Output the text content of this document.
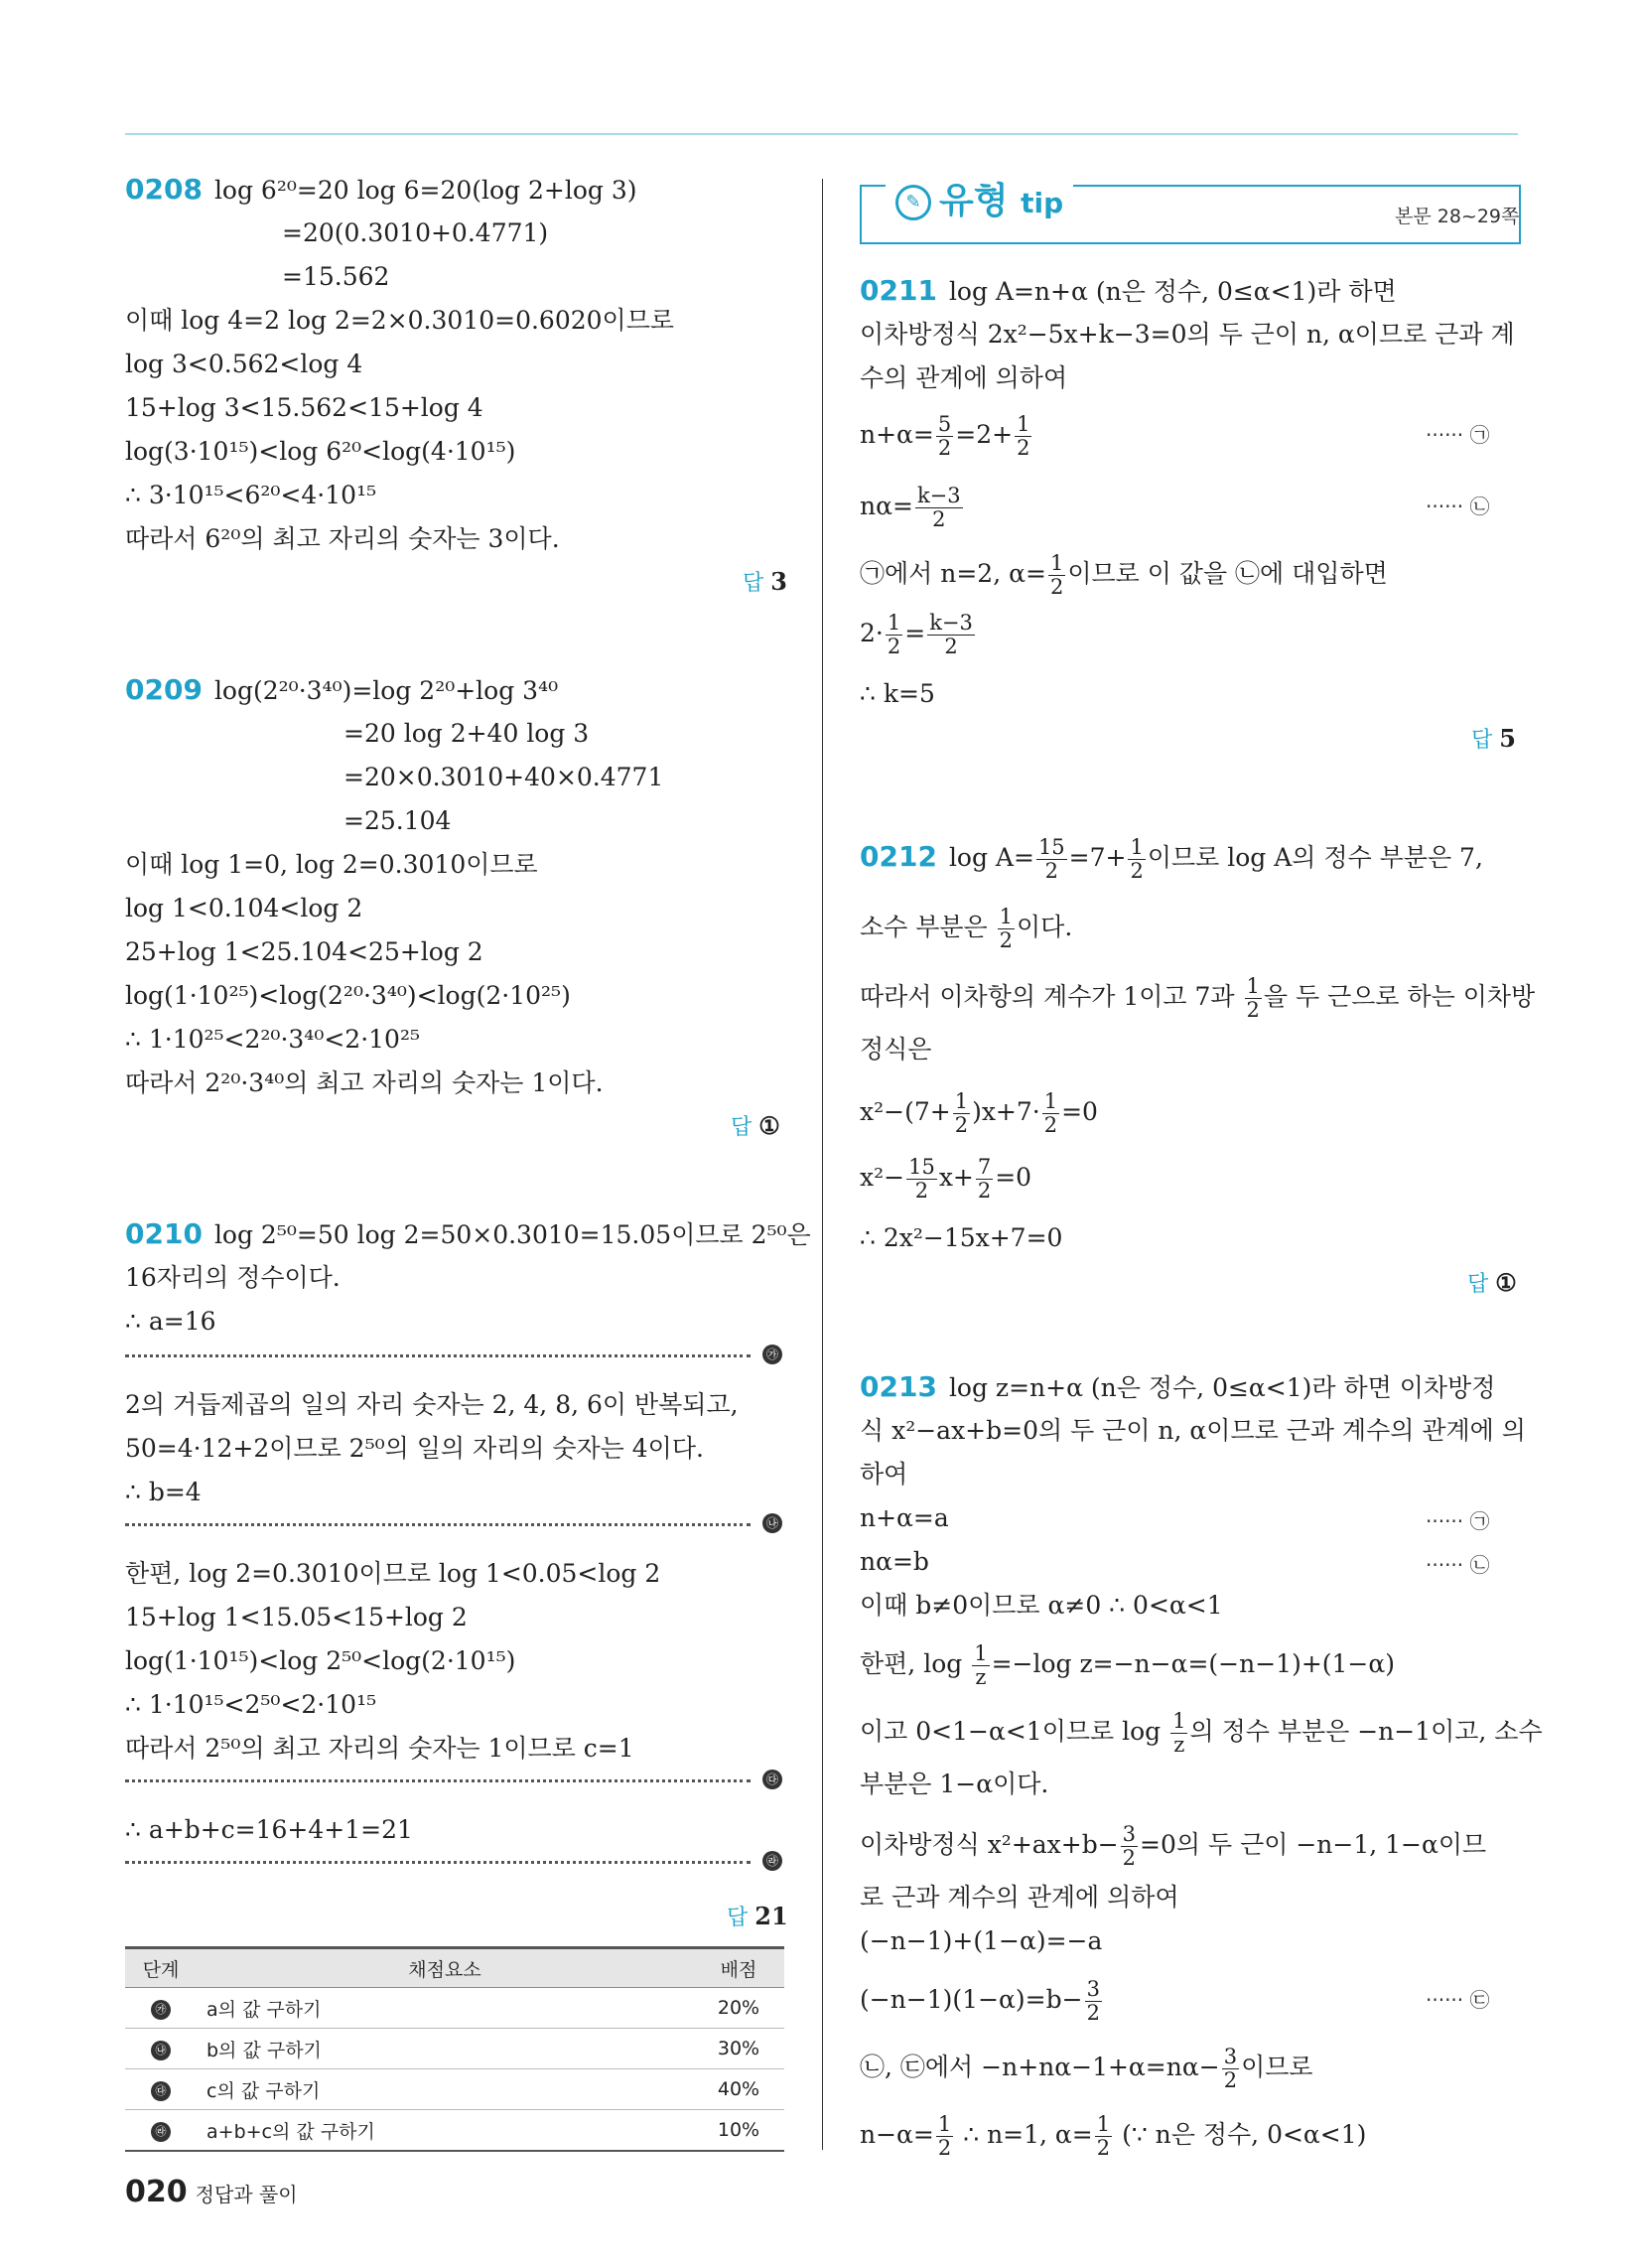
0208 log 6²⁰=20 log 6=20(log 2+log 3)
=20(0.3010+0.4771)
=15.562
이때 log 4=2 log 2=2×0.3010=0.6020이므로
log 3<0.562<log 4
15+log 3<15.562<15+log 4
log(3·10¹⁵)<log 6²⁰<log(4·10¹⁵)
∴ 3·10¹⁵<6²⁰<4·10¹⁵
따라서 6²⁰의 최고 자리의 숫자는 3이다.
답 3
0209 log(2²⁰·3⁴⁰)=log 2²⁰+log 3⁴⁰
=20 log 2+40 log 3
=20×0.3010+40×0.4771
=25.104
이때 log 1=0, log 2=0.3010이므로
log 1<0.104<log 2
25+log 1<25.104<25+log 2
log(1·10²⁵)<log(2²⁰·3⁴⁰)<log(2·10²⁵)
∴ 1·10²⁵<2²⁰·3⁴⁰<2·10²⁵
따라서 2²⁰·3⁴⁰의 최고 자리의 숫자는 1이다.
답 ①
0210 log 2⁵⁰=50 log 2=50×0.3010=15.05이므로 2⁵⁰은
16자리의 정수이다.
∴ a=16
㉮
2의 거듭제곱의 일의 자리 숫자는 2, 4, 8, 6이 반복되고,
50=4·12+2이므로 2⁵⁰의 일의 자리의 숫자는 4이다.
∴ b=4
㉯
한편, log 2=0.3010이므로 log 1<0.05<log 2
15+log 1<15.05<15+log 2
log(1·10¹⁵)<log 2⁵⁰<log(2·10¹⁵)
∴ 1·10¹⁵<2⁵⁰<2·10¹⁵
따라서 2⁵⁰의 최고 자리의 숫자는 1이므로 c=1
㉰
∴ a+b+c=16+4+1=21
㉱
답 21
단계	채점요소	배점
㉮	a의 값 구하기	20%
㉯	b의 값 구하기	30%
㉰	c의 값 구하기	40%
㉱	a+b+c의 값 구하기	10%
✎ 유형 tip	본문 28~29쪽
0211 log A=n+α (n은 정수, 0≤α<1)라 하면
이차방정식 2x²−5x+k−3=0의 두 근이 n, α이므로 근과 계
수의 관계에 의하여
$n+\alpha= \frac{5}{2} =2+ \frac{1}{2}$	······ ㉠
$n\alpha= \frac{k-3}{2}$	······ ㉡
㉠에서 n=2, $\alpha= \frac{1}{2}$ 이므로 이 값을 ㉡에 대입하면
$2\cdot \frac{1}{2} = \frac{k-3}{2}$
∴ k=5
답 5
0212 $\log A= \frac{15}{2} =7+ \frac{1}{2}$ 이므로 log A의 정수 부분은 7,
소수 부분은 $\frac{1}{2}$ 이다.
따라서 이차항의 계수가 1이고 7과 $\frac{1}{2}$ 을 두 근으로 하는 이차방
정식은
$x^2-(7+ \frac{1}{2} )x+7\cdot \frac{1}{2} =0$
$x^2- \frac{15}{2} x+ \frac{7}{2} =0$
∴ 2x²−15x+7=0
답 ①
0213 log z=n+α (n은 정수, 0≤α<1)라 하면 이차방정
식 x²−ax+b=0의 두 근이 n, α이므로 근과 계수의 관계에 의
하여
n+α=a	······ ㉠
nα=b	······ ㉡
이때 b≠0이므로 α≠0 ∴ 0<α<1
한편, $\log \frac{1}{z} =-\log$ z=−n−α=(−n−1)+(1−α)
이고 0<1−α<1이므로 $\log \frac{1}{z}$ 의 정수 부분은 −n−1이고, 소수
부분은 1−α이다.
이차방정식 $x^2+ax+b- \frac{3}{2} =0$의 두 근이 −n−1, 1−α이므
로 근과 계수의 관계에 의하여
(−n−1)+(1−α)=−a
$(-n-1)(1-\alpha)=b- \frac{3}{2}$	······ ㉢
㉡, ㉢에서 $-n+n\alpha-1+\alpha=n\alpha- \frac{3}{2}$ 이므로
$n-\alpha= \frac{1}{2}$ ∴ n=1, $\alpha= \frac{1}{2}$ (∵ n은 정수, 0<α<1)
020 정답과 풀이
